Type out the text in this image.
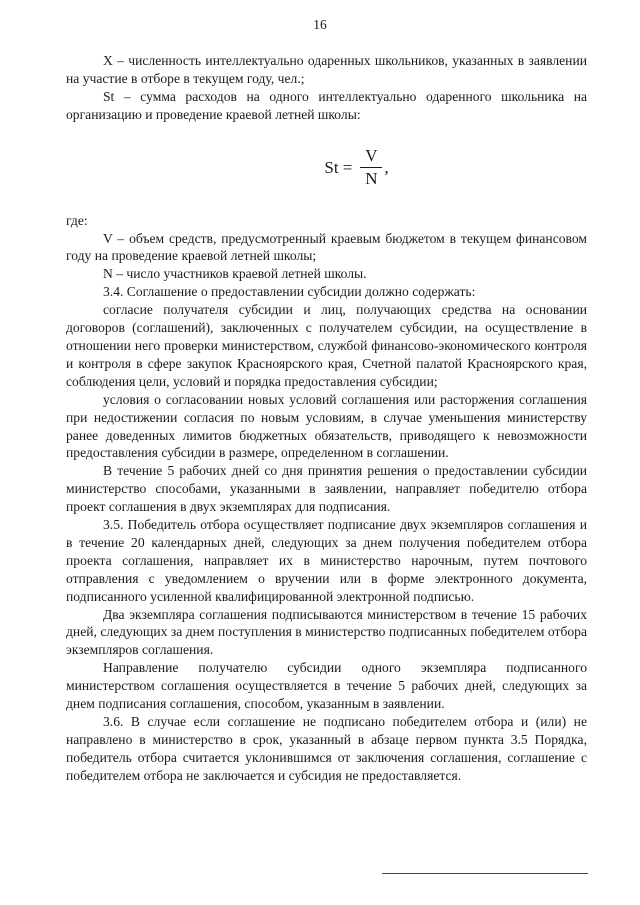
16

X – численность интеллектуально одаренных школьников, указанных в заявлении на участие в отборе в текущем году, чел.;

St – сумма расходов на одного интеллектуально одаренного школьника на организацию и проведение краевой летней школы:

$St = \frac{V}{N}$ ,

где:

V – объем средств, предусмотренный краевым бюджетом в текущем финансовом году на проведение краевой летней школы;

N – число участников краевой летней школы.

3.4. Соглашение о предоставлении субсидии должно содержать:

согласие получателя субсидии и лиц, получающих средства на основании договоров (соглашений), заключенных с получателем субсидии, на осуществление в отношении него проверки министерством, службой финансово-экономического контроля и контроля в сфере закупок Красноярского края, Счетной палатой Красноярского края, соблюдения цели, условий и порядка предоставления субсидии;

условия о согласовании новых условий соглашения или расторжения соглашения при недостижении согласия по новым условиям, в случае уменьшения министерству ранее доведенных лимитов бюджетных обязательств, приводящего к невозможности предоставления субсидии в размере, определенном в соглашении.

В течение 5 рабочих дней со дня принятия решения о предоставлении субсидии министерство способами, указанными в заявлении, направляет победителю отбора проект соглашения в двух экземплярах для подписания.

3.5. Победитель отбора осуществляет подписание двух экземпляров соглашения и в течение 20 календарных дней, следующих за днем получения победителем отбора проекта соглашения, направляет их в министерство нарочным, путем почтового отправления с уведомлением о вручении или в форме электронного документа, подписанного усиленной квалифицированной электронной подписью.

Два экземпляра соглашения подписываются министерством в течение 15 рабочих дней, следующих за днем поступления в министерство подписанных победителем отбора экземпляров соглашения.

Направление получателю субсидии одного экземпляра подписанного министерством соглашения осуществляется в течение 5 рабочих дней, следующих за днем подписания соглашения, способом, указанным в заявлении.

3.6. В случае если соглашение не подписано победителем отбора и (или) не направлено в министерство в срок, указанный в абзаце первом пункта 3.5 Порядка, победитель отбора считается уклонившимся от заключения соглашения, соглашение с победителем отбора не заключается и субсидия не предоставляется.
